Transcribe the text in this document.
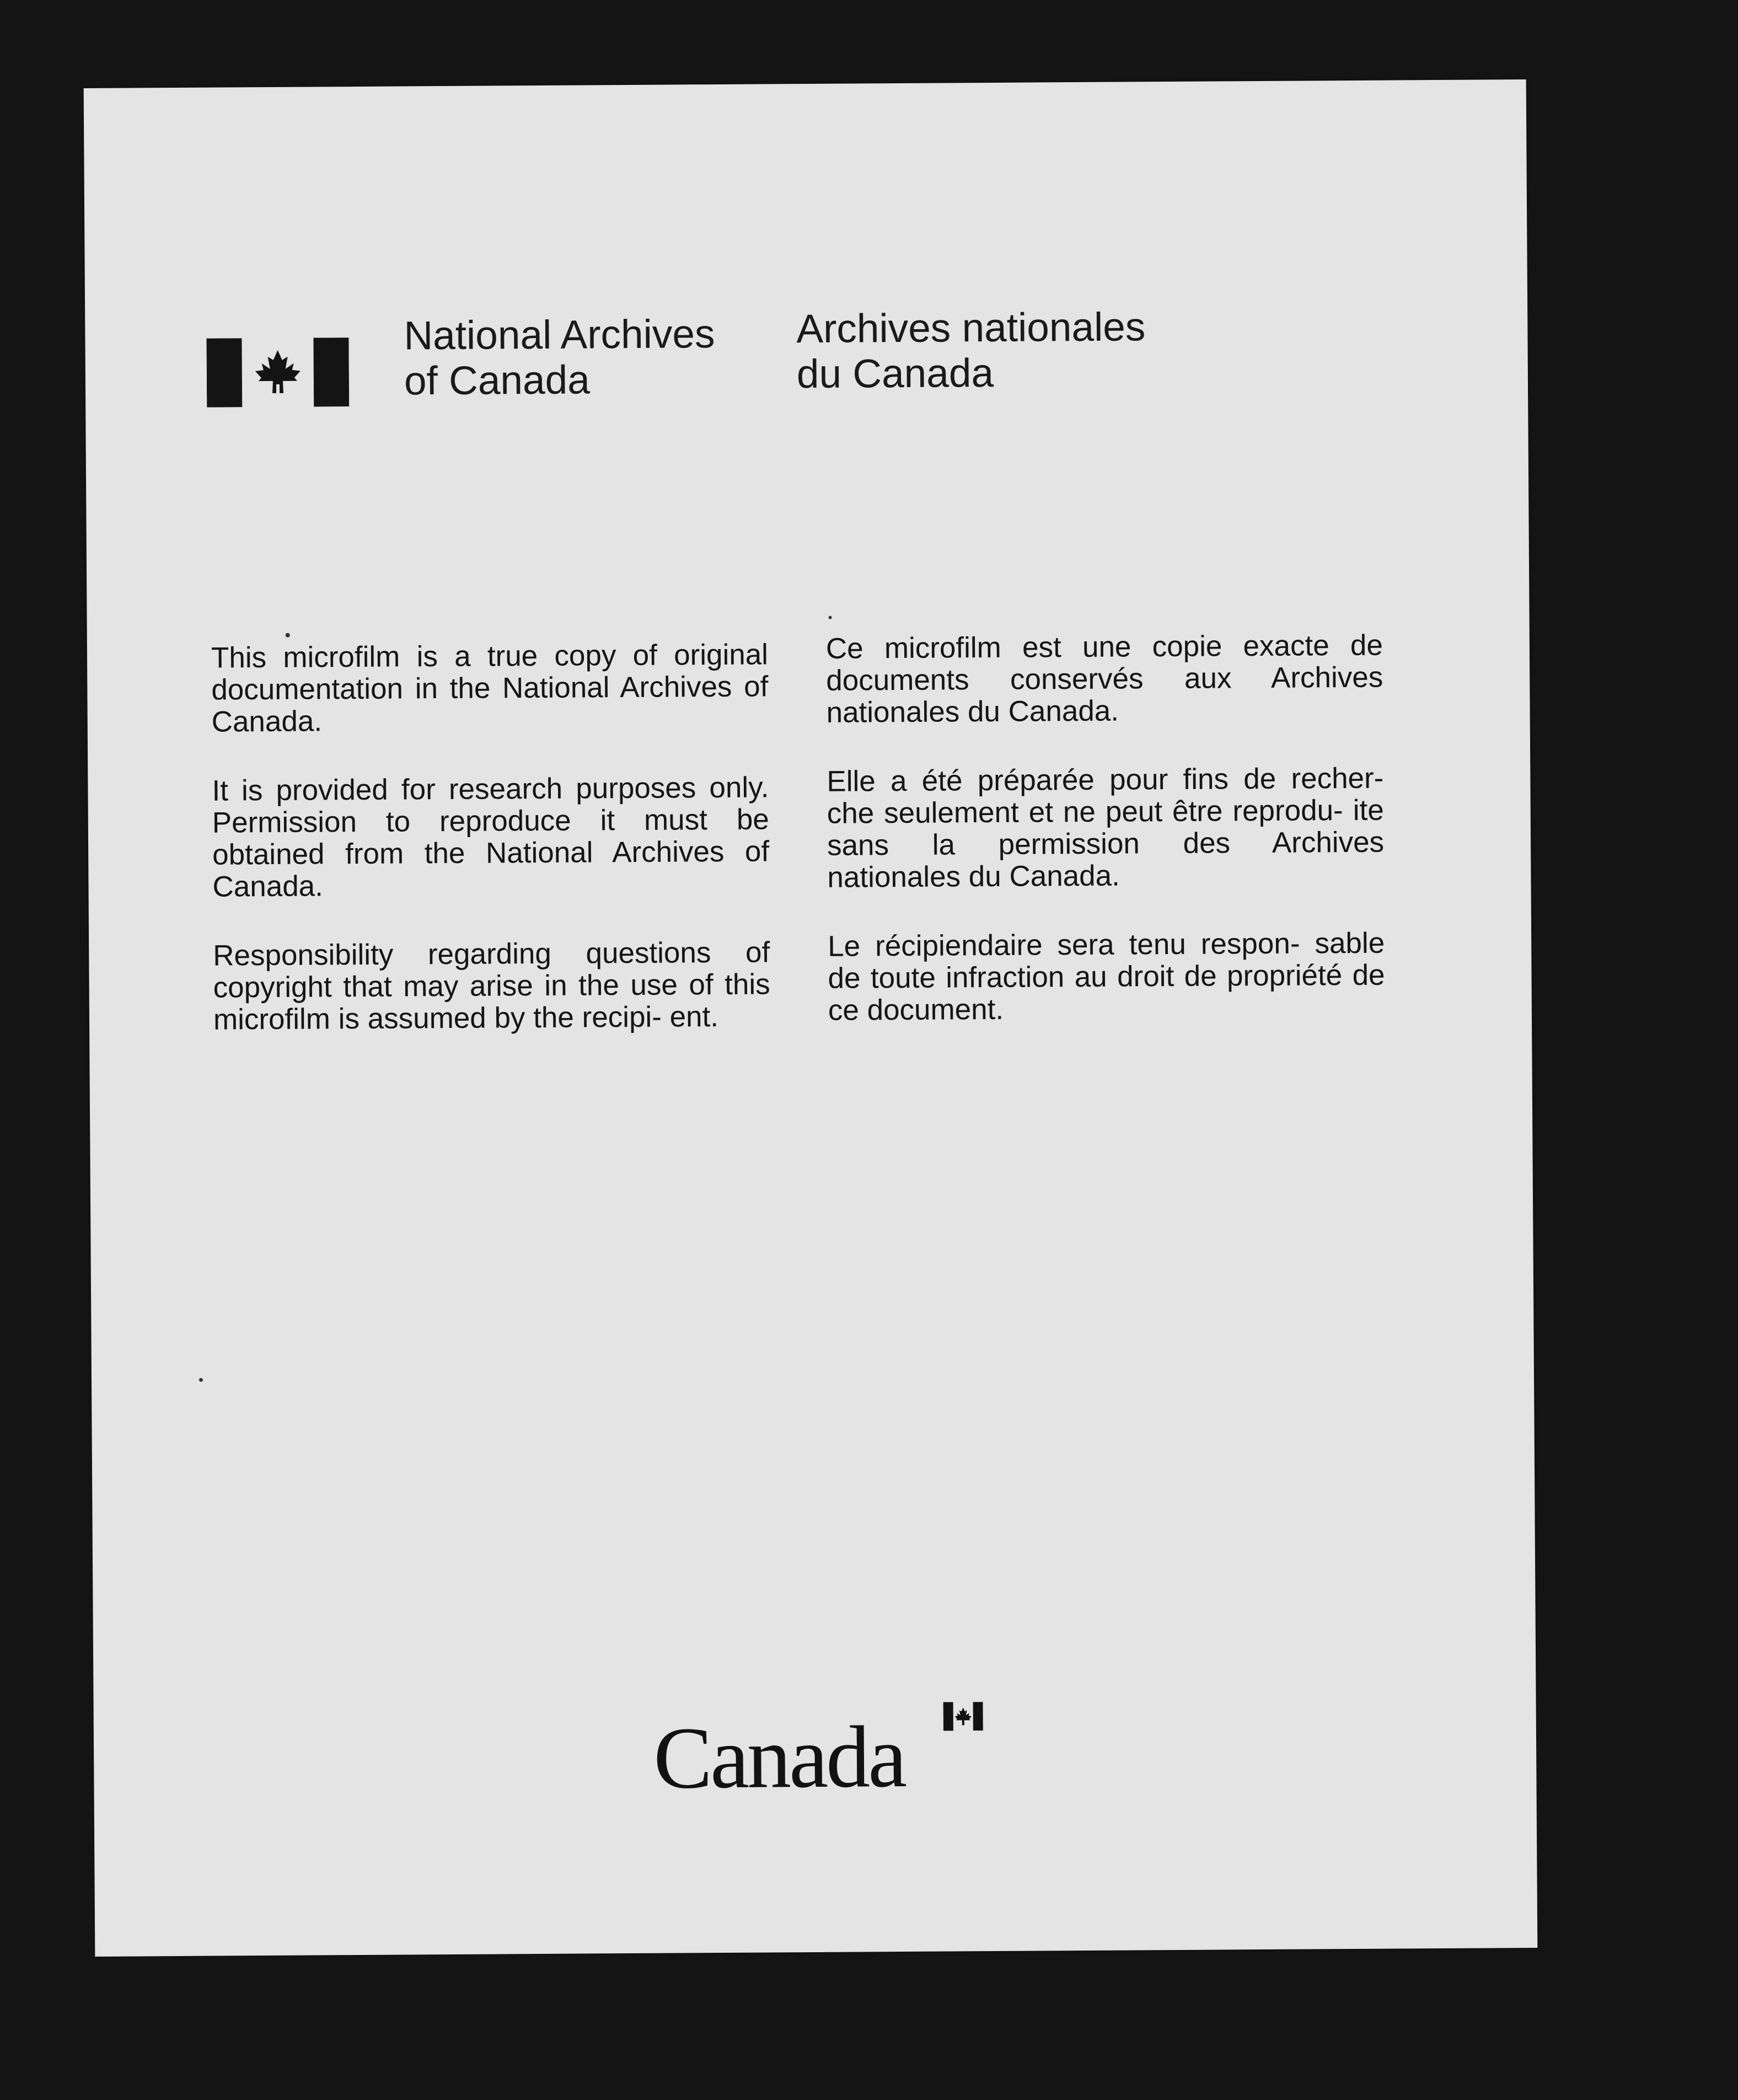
National Archives
of Canada
Archives nationales
du Canada

This microfilm is a true copy of original documentation in the National Archives of Canada.

It is provided for research purposes only. Permission to reproduce it must be obtained from the National Archives of Canada.

Responsibility regarding questions of copyright that may arise in the use of this microfilm is assumed by the recipi- ent.

Ce microfilm est une copie exacte de documents conservés aux Archives nationales du Canada.

Elle a été préparée pour fins de recher- che seulement et ne peut être reprodu- ite sans la permission des Archives nationales du Canada.

Le récipiendaire sera tenu respon- sable de toute infraction au droit de propriété de ce document.

Canada
